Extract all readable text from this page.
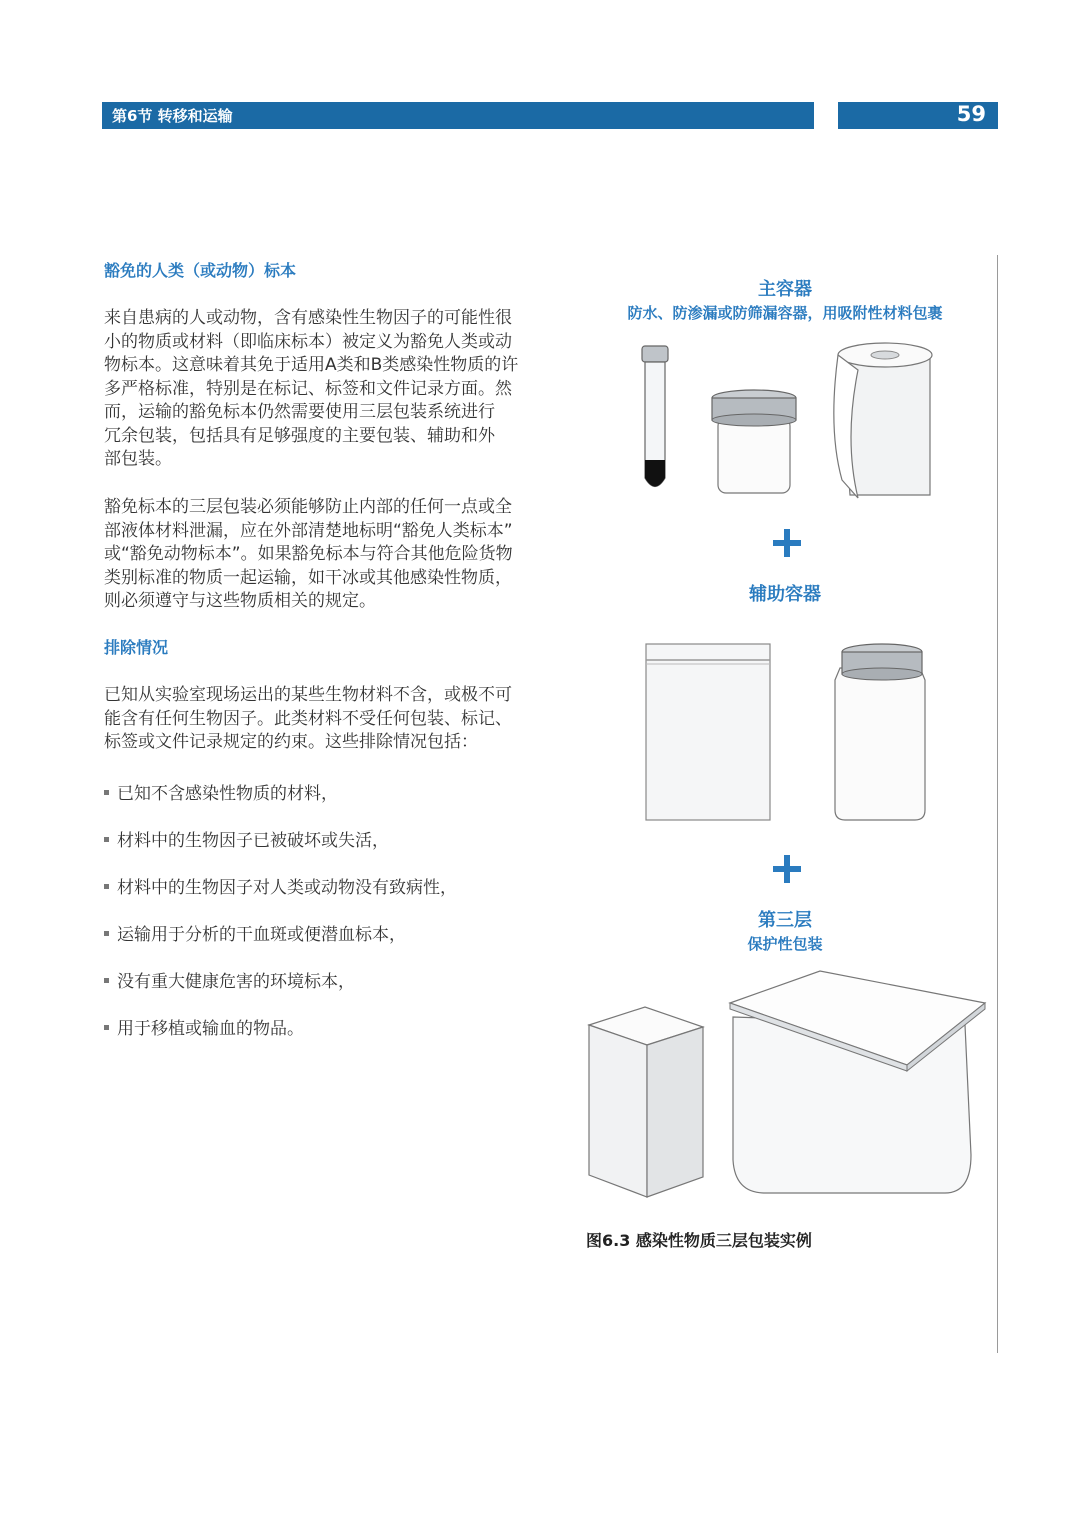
第6节 转移和运输	59
豁免的人类（或动物）标本
来自患病的人或动物，含有感染性生物因子的可能性很
小的物质或材料（即临床标本）被定义为豁免人类或动
物标本。这意味着其免于适用A类和B类感染性物质的许
多严格标准，特别是在标记、标签和文件记录方面。然
而，运输的豁免标本仍然需要使用三层包装系统进行
冗余包装，包括具有足够强度的主要包装、辅助和外
部包装。
豁免标本的三层包装必须能够防止内部的任何一点或全
部液体材料泄漏，应在外部清楚地标明“豁免人类标本”
或“豁免动物标本”。如果豁免标本与符合其他危险货物
类别标准的物质一起运输，如干冰或其他感染性物质，
则必须遵守与这些物质相关的规定。
排除情况
已知从实验室现场运出的某些生物材料不含，或极不可
能含有任何生物因子。此类材料不受任何包装、标记、
标签或文件记录规定的约束。这些排除情况包括：
已知不含感染性物质的材料，
材料中的生物因子已被破坏或失活，
材料中的生物因子对人类或动物没有致病性，
运输用于分析的干血斑或便潜血标本，
没有重大健康危害的环境标本，
用于移植或输血的物品。
主容器
防水、防渗漏或防筛漏容器，用吸附性材料包裹
辅助容器
第三层
保护性包装
图6.3 感染性物质三层包装实例
